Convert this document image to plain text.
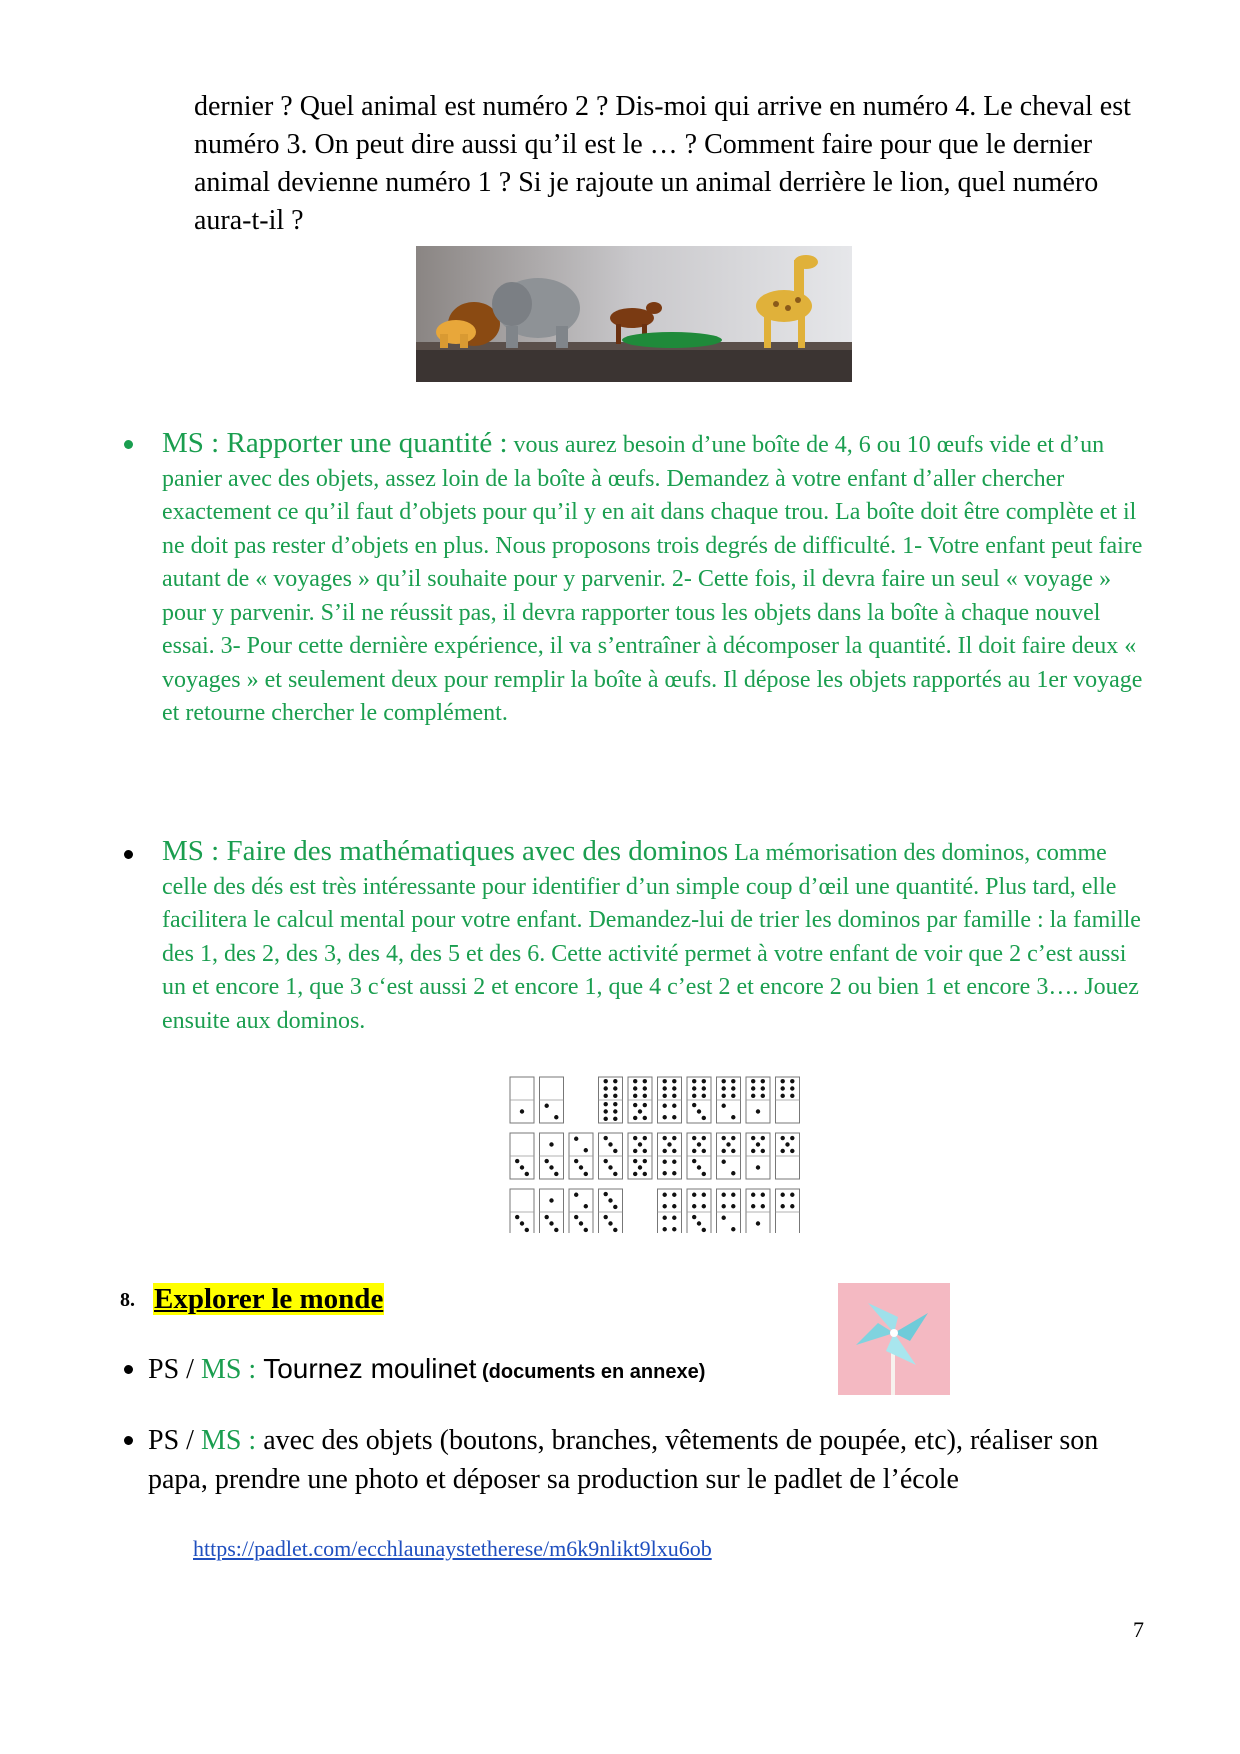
dernier ? Quel animal est numéro 2 ? Dis-moi qui arrive en numéro 4. Le cheval est numéro 3. On peut dire aussi qu’il est le … ? Comment faire pour que le dernier animal devienne numéro 1 ? Si je rajoute un animal derrière le lion, quel numéro aura-t-il ?
MS : Rapporter une quantité : vous aurez besoin d’une boîte de 4, 6 ou 10 œufs vide et d’un panier avec des objets, assez loin de la boîte à œufs. Demandez à votre enfant d’aller chercher exactement ce qu’il faut d’objets pour qu’il y en ait dans chaque trou. La boîte doit être complète et il ne doit pas rester d’objets en plus. Nous proposons trois degrés de difficulté. 1- Votre enfant peut faire autant de « voyages » qu’il souhaite pour y parvenir. 2- Cette fois, il devra faire un seul « voyage » pour y parvenir. S’il ne réussit pas, il devra rapporter tous les objets dans la boîte à chaque nouvel essai. 3- Pour cette dernière expérience, il va s’entraîner à décomposer la quantité. Il doit faire deux « voyages » et seulement deux pour remplir la boîte à œufs. Il dépose les objets rapportés au 1er voyage et retourne chercher le complément.
MS : Faire des mathématiques avec des dominos La mémorisation des dominos, comme celle des dés est très intéressante pour identifier d’un simple coup d’œil une quantité. Plus tard, elle facilitera le calcul mental pour votre enfant. Demandez-lui de trier les dominos par famille : la famille des 1, des 2, des 3, des 4, des 5 et des 6. Cette activité permet à votre enfant de voir que 2 c’est aussi un et encore 1, que 3 c‘est aussi 2 et encore 1, que 4 c’est 2 et encore 2 ou bien 1 et encore 3…. Jouez ensuite aux dominos.
8. Explorer le monde
PS / MS : Tournez moulinet (documents en annexe)
PS / MS : avec des objets (boutons, branches, vêtements de poupée, etc), réaliser son papa, prendre une photo et déposer sa production sur le padlet de l’école
https://padlet.com/ecchlaunaystetherese/m6k9nlikt9lxu6ob
7
